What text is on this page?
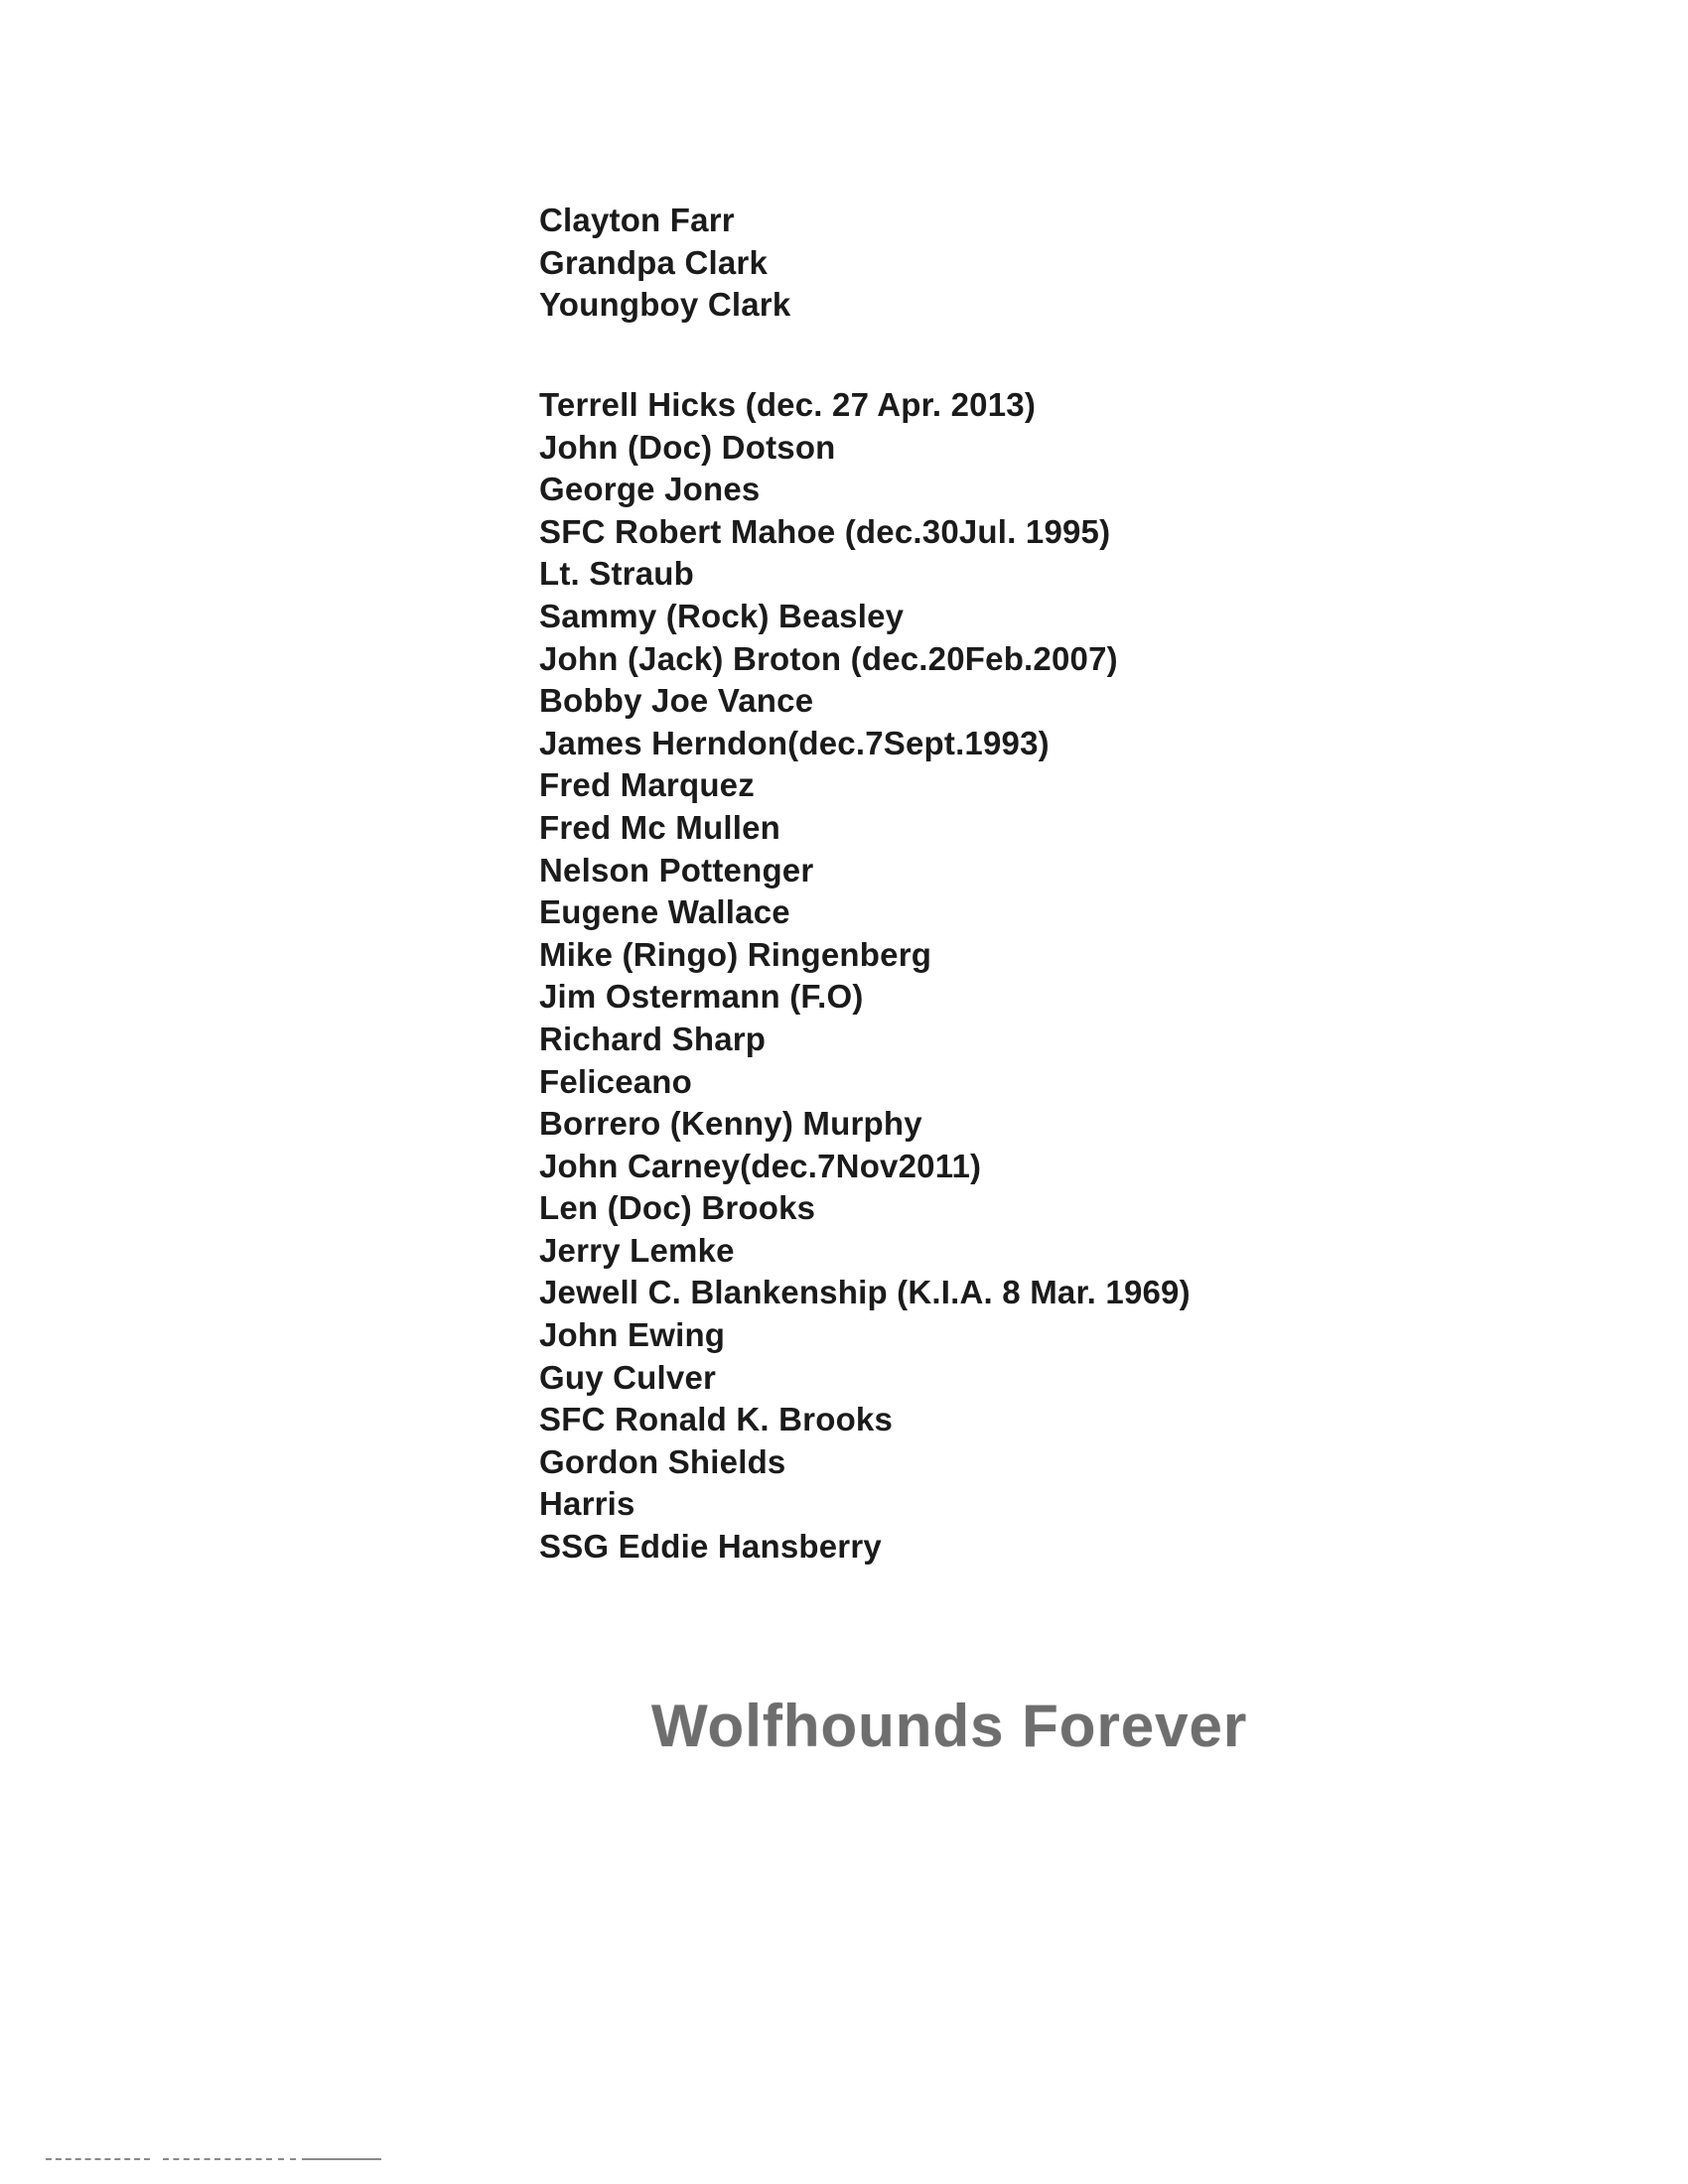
Clayton Farr
Grandpa Clark
Youngboy Clark
Terrell Hicks (dec. 27 Apr. 2013)
John (Doc) Dotson
George Jones
SFC Robert Mahoe (dec.30Jul. 1995)
Lt. Straub
Sammy (Rock) Beasley
John (Jack) Broton (dec.20Feb.2007)
Bobby Joe Vance
James Herndon(dec.7Sept.1993)
Fred Marquez
Fred Mc Mullen
Nelson Pottenger
Eugene Wallace
Mike (Ringo) Ringenberg
Jim Ostermann (F.O)
Richard Sharp
Feliceano
Borrero (Kenny) Murphy
John Carney(dec.7Nov2011)
Len (Doc) Brooks
Jerry Lemke
Jewell C. Blankenship (K.I.A. 8 Mar. 1969)
John Ewing
Guy Culver
SFC Ronald K. Brooks
Gordon Shields
Harris
SSG Eddie Hansberry
Wolfhounds Forever
